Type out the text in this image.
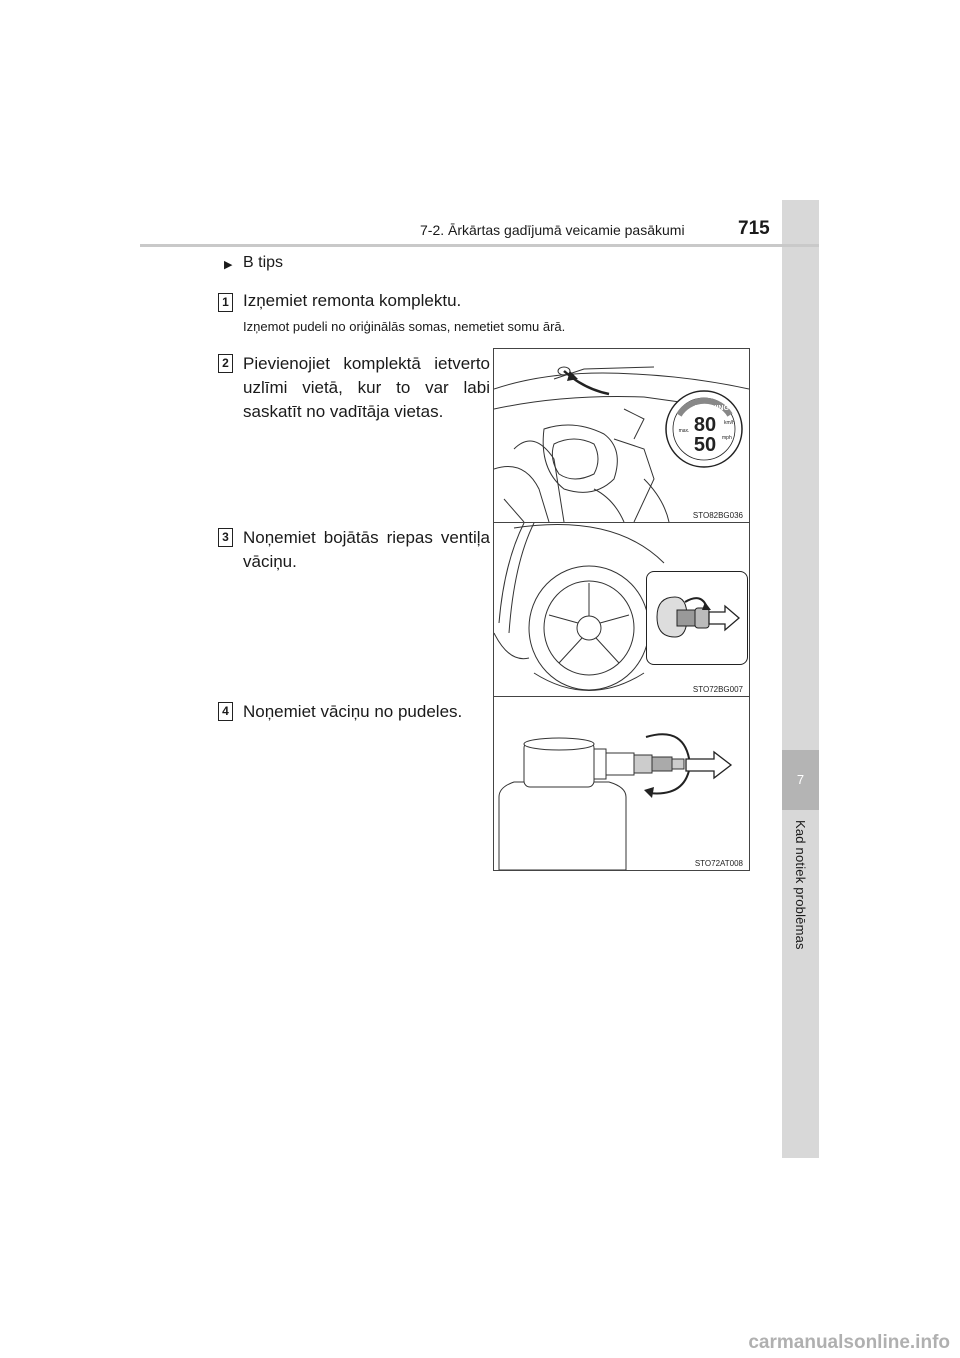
7
Kad notiek problēmas
7-2. Ārkārtas gadījumā veicamie pasākumi	715
▶ B tips
1 Izņemiet remonta komplektu.
Izņemot pudeli no oriģinālās somas, nemetiet somu ārā.
2 Pievienojiet komplektā ietverto uzlīmi vietā, kur to var labi saskatīt no vadītāja vietas.
3 Noņemiet bojātās riepas ventiļa vāciņu.
4 Noņemiet vāciņu no pudeles.
WARNING
max. 80 km/h
50 mph
STO82BG036
STO72BG007
STO72AT008
carmanualsonline.info
